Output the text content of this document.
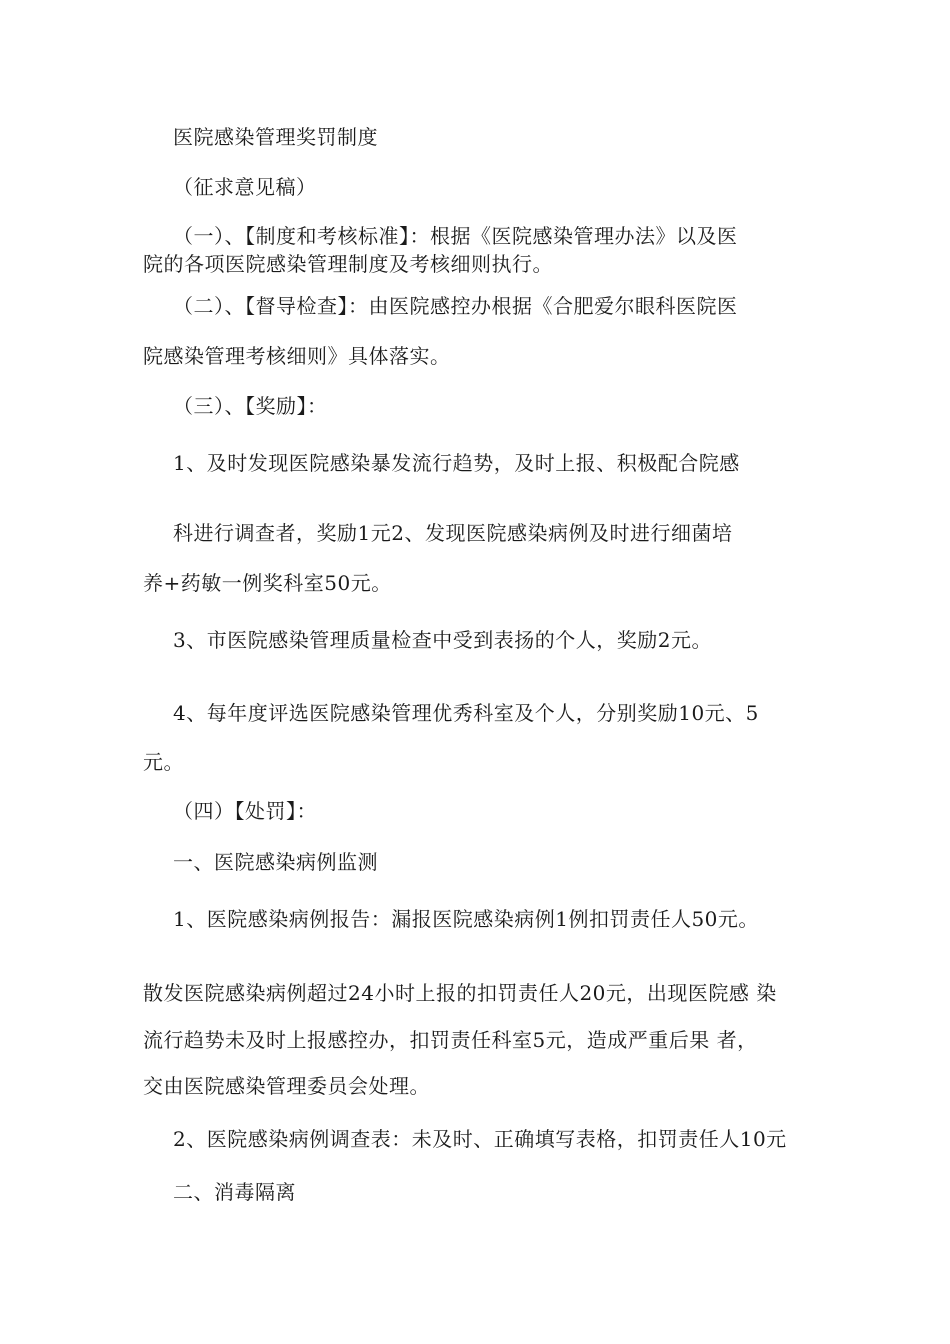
医院感染管理奖罚制度
（征求意见稿）
（一）、【制度和考核标准】：根据《医院感染管理办法》以及医
院的各项医院感染管理制度及考核细则执行。
（二）、【督导检查】：由医院感控办根据《合肥爱尔眼科医院医
院感染管理考核细则》具体落实。
（三）、【奖励】：
1、及时发现医院感染暴发流行趋势，及时上报、积极配合院感
科进行调查者，奖励1元2、发现医院感染病例及时进行细菌培
养+药敏一例奖科室50元。
3、市医院感染管理质量检查中受到表扬的个人，奖励2元。
4、每年度评选医院感染管理优秀科室及个人，分别奖励10元、5
元。
（四）【处罚】：
一、医院感染病例监测
1、医院感染病例报告：漏报医院感染病例1例扣罚责任人50元。
散发医院感染病例超过24小时上报的扣罚责任人20元，出现医院感 染
流行趋势未及时上报感控办，扣罚责任科室5元，造成严重后果 者，
交由医院感染管理委员会处理。
2、医院感染病例调查表：未及时、正确填写表格，扣罚责任人10元
二、消毒隔离
